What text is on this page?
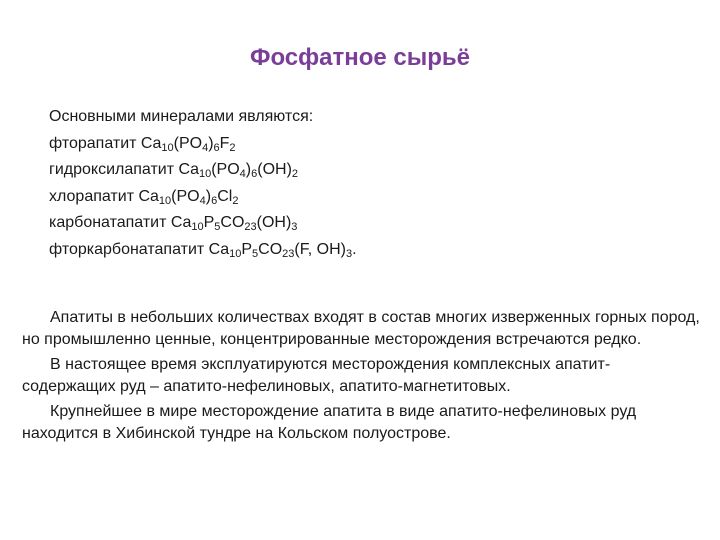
Фосфатное сырьё
Основными минералами являются:
фторапатит $Ca_{10}(PO_4)_6F_2$
гидроксилапатит $Ca_{10}(PO_4)_6(OH)_2$
хлорапатит $Ca_{10}(PO_4)_6Cl_2$
карбонатапатит $Ca_{10}P_5CO_{23}(OH)_3$
фторкарбонатапатит $Ca_{10}P_5CO_{23}(F$, $OH)_3$.

Апатиты в небольших количествах входят в состав многих изверженных горных пород, но промышленно ценные, концентрированные месторождения встречаются редко.

В настоящее время эксплуатируются месторождения комплексных апатит-содержащих руд – апатито-нефелиновых, апатито-магнетитовых.

Крупнейшее в мире месторождение апатита в виде апатито-нефелиновых руд находится в Хибинской тундре на Кольском полуострове.
